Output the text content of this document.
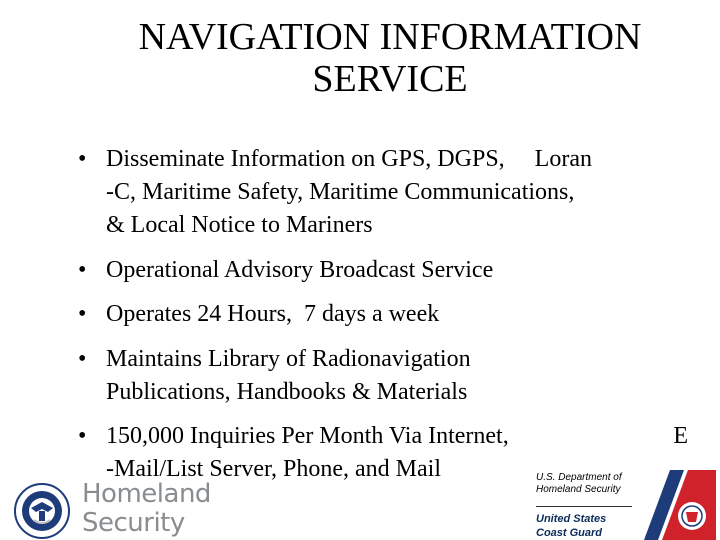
NAVIGATION INFORMATION
SERVICE
• Disseminate Information on GPS, DGPS,     Loran
-C, Maritime Safety, Maritime Communications,
& Local Notice to Mariners
• Operational Advisory Broadcast Service
• Operates 24 Hours,  7 days a week
• Maintains Library of Radionavigation
Publications, Handbooks & Materials
• 150,000 Inquiries Per Month Via Internet,	E
-Mail/List Server, Phone, and Mail
Homeland
Security
U.S. Department of
Homeland Security
United States
Coast Guard
